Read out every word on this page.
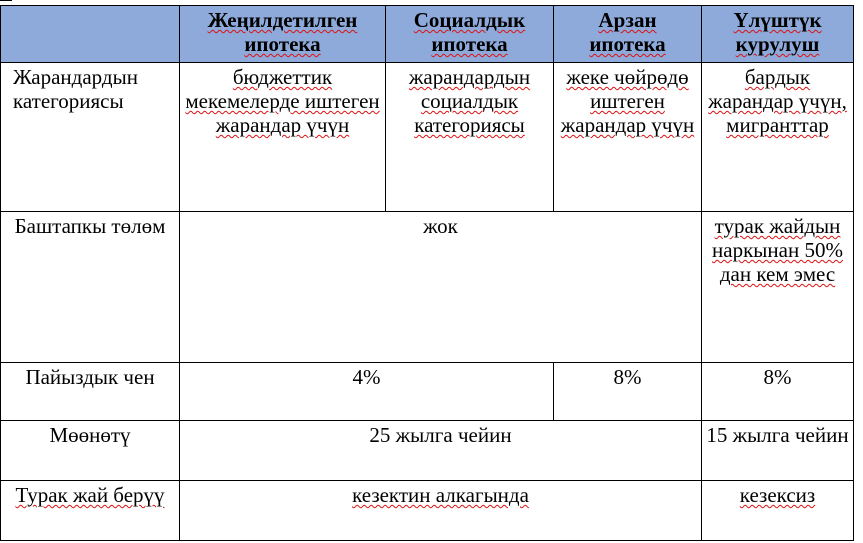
	Жеңилдетилген ипотека	Социалдык ипотека	Арзан ипотека	Үлүштүк курулуш
Жарандардын категориясы	бюджеттик мекемелерде иштеген жарандар үчүн	жарандардын социалдык категориясы	жеке чөйрөдө иштеген жарандар үчүн	бардык жарандар үчүн, мигранттар
Баштапкы төлөм	жок			турак жайдын наркынан 50% дан кем эмес
Пайыздык чен	4%		8%	8%
Мөөнөтү	25 жылга чейин			15 жылга чейин
Турак жай берүү	кезектин алкагында			кезексиз
